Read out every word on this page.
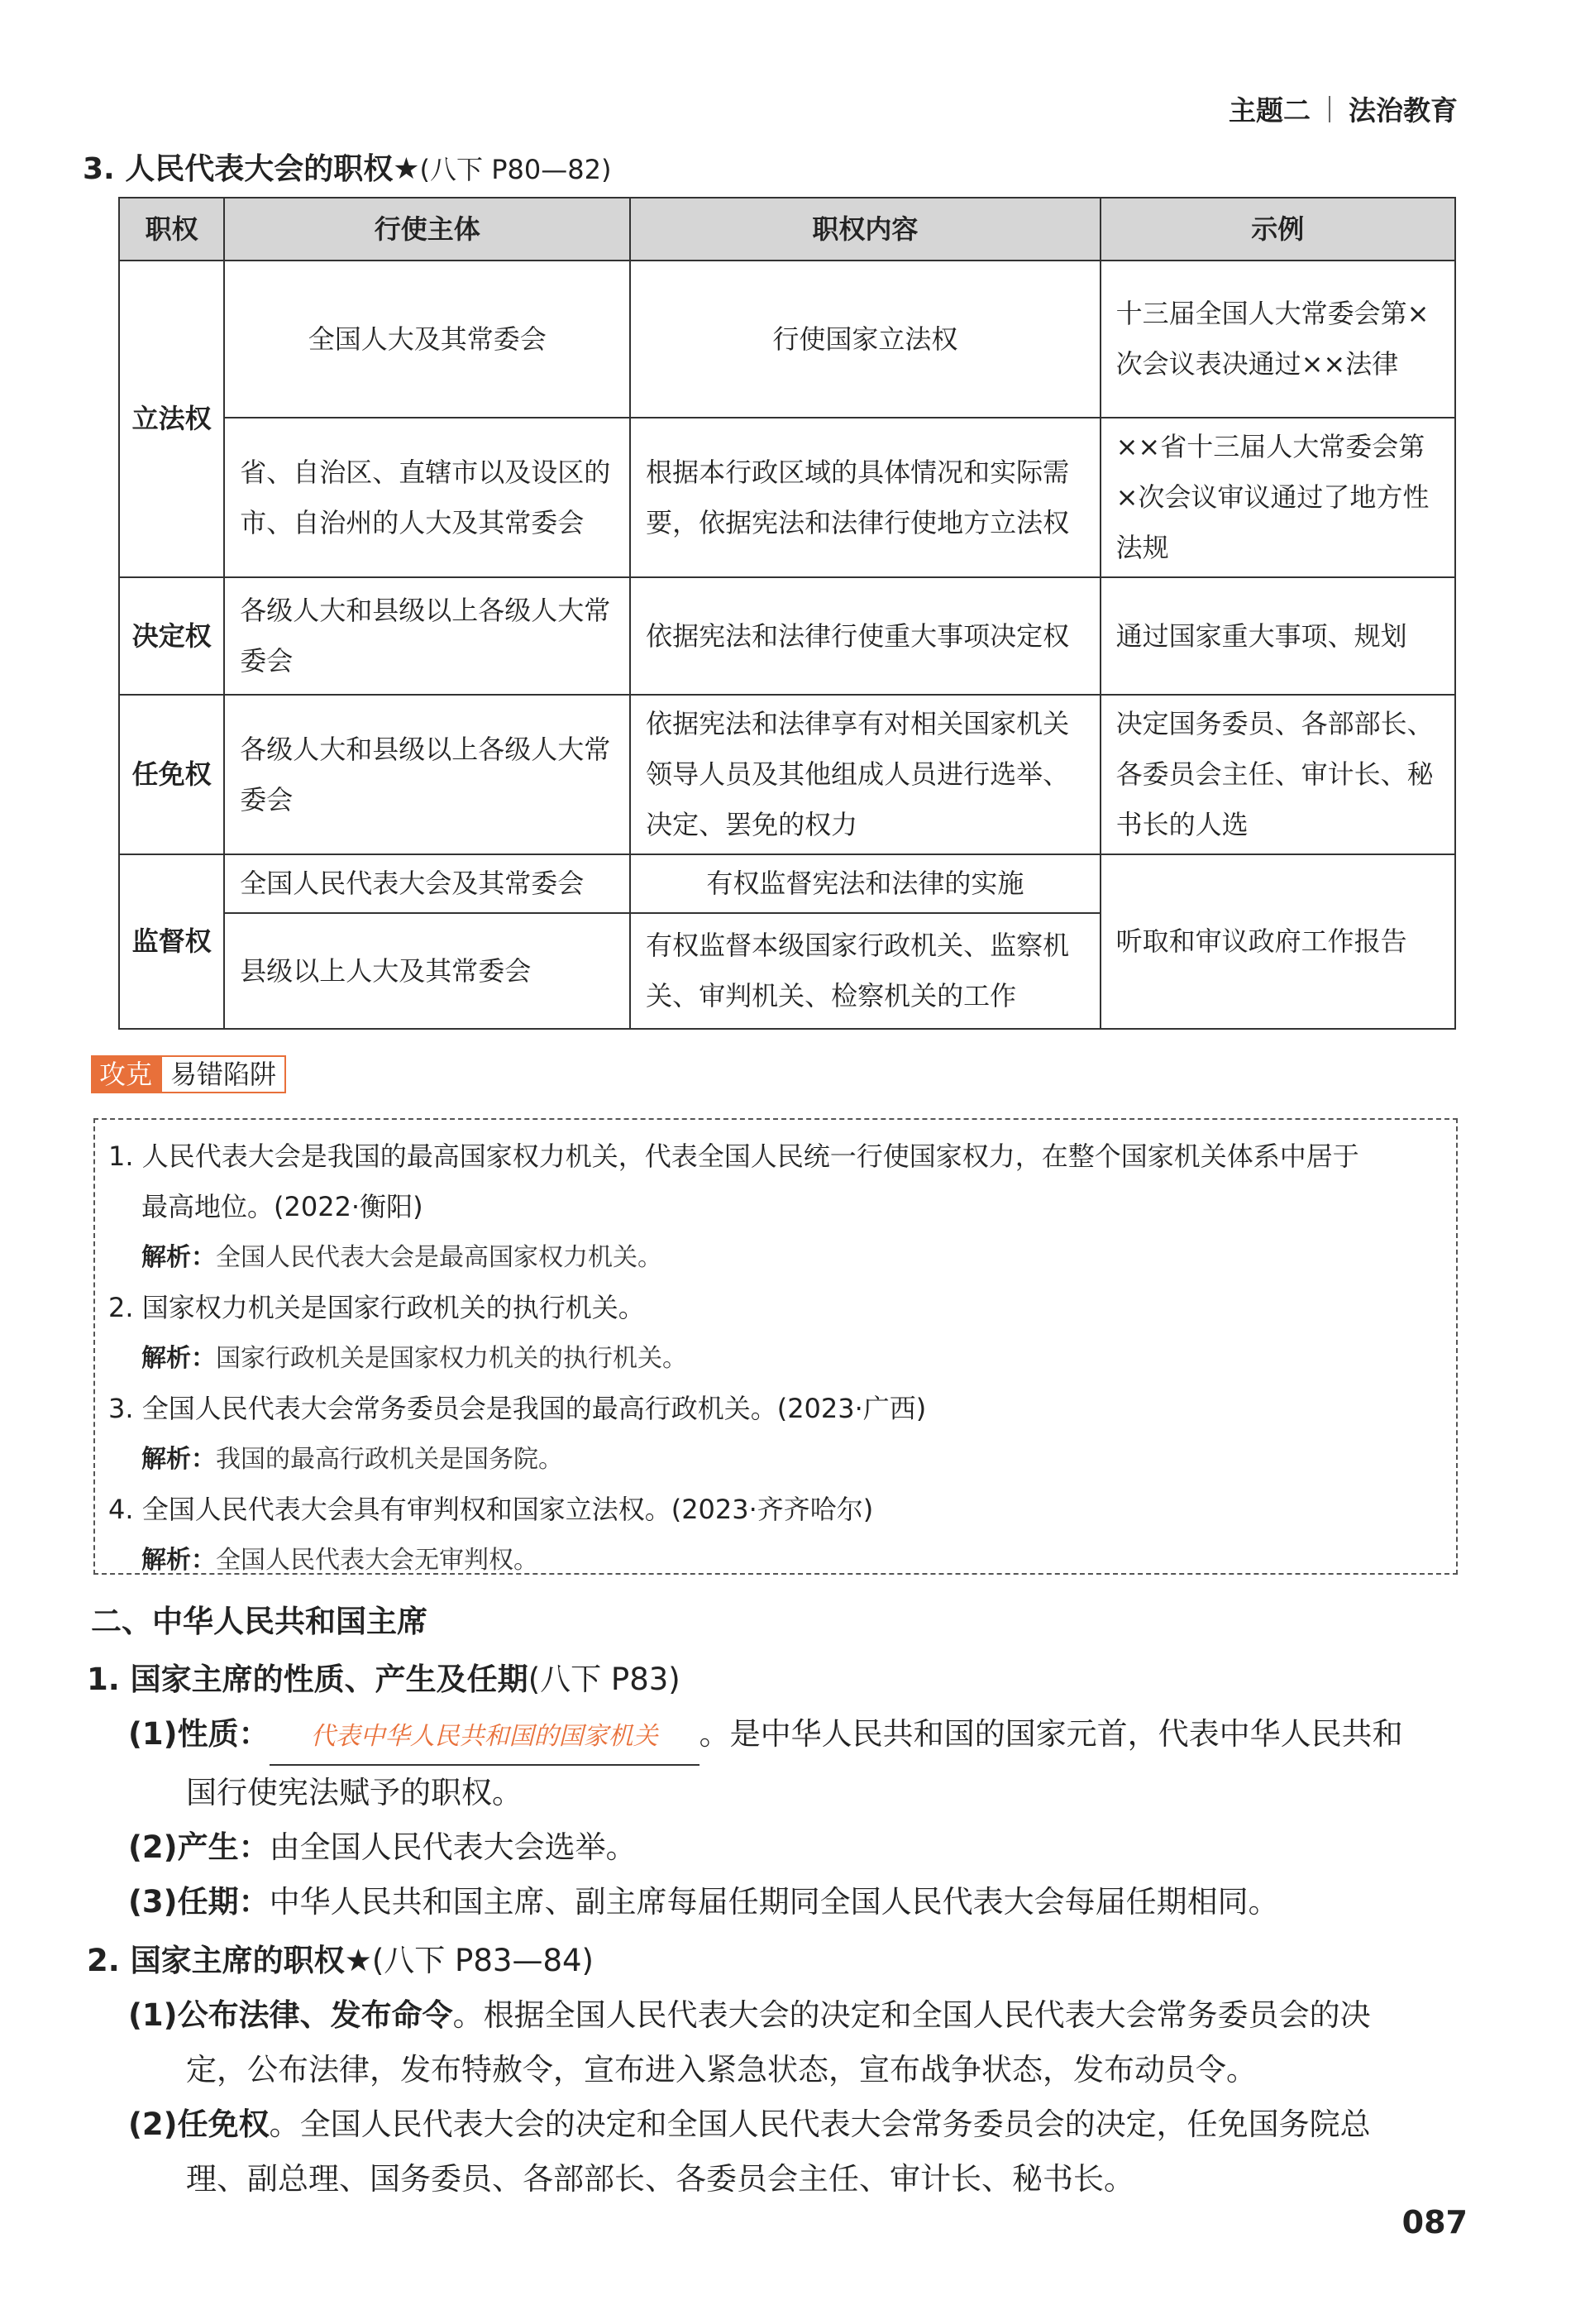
主题二 法治教育
3. 人民代表大会的职权★(八下 P80—82)
职权	行使主体	职权内容	示例
立法权	全国人大及其常委会	行使国家立法权	十三届全国人大常委会第×次会议表决通过××法律
	省、自治区、直辖市以及设区的市、自治州的人大及其常委会	根据本行政区域的具体情况和实际需要，依据宪法和法律行使地方立法权	××省十三届人大常委会第×次会议审议通过了地方性法规
决定权	各级人大和县级以上各级人大常委会	依据宪法和法律行使重大事项决定权	通过国家重大事项、规划
任免权	各级人大和县级以上各级人大常委会	依据宪法和法律享有对相关国家机关领导人员及其他组成人员进行选举、决定、罢免的权力	决定国务委员、各部部长、各委员会主任、审计长、秘书长的人选
监督权	全国人民代表大会及其常委会	有权监督宪法和法律的实施	听取和审议政府工作报告
	县级以上人大及其常委会	有权监督本级国家行政机关、监察机关、审判机关、检察机关的工作	
攻克 易错陷阱

1. 人民代表大会是我国的最高国家权力机关，代表全国人民统一行使国家权力，在整个国家机关体系中居于
最高地位。(2022·衡阳)

解析：全国人民代表大会是最高国家权力机关。

2. 国家权力机关是国家行政机关的执行机关。

解析：国家行政机关是国家权力机关的执行机关。

3. 全国人民代表大会常务委员会是我国的最高行政机关。(2023·广西)

解析：我国的最高行政机关是国务院。

4. 全国人民代表大会具有审判权和国家立法权。(2023·齐齐哈尔)

解析：全国人民代表大会无审判权。

二、中华人民共和国主席
1. 国家主席的性质、产生及任期(八下 P83)
(1)性质： 代表中华人民共和国的国家机关 。是中华人民共和国的国家元首，代表中华人民共和
国行使宪法赋予的职权。
(2)产生：由全国人民代表大会选举。
(3)任期：中华人民共和国主席、副主席每届任期同全国人民代表大会每届任期相同。
2. 国家主席的职权★(八下 P83—84)
(1)公布法律、发布命令。根据全国人民代表大会的决定和全国人民代表大会常务委员会的决
定，公布法律，发布特赦令，宣布进入紧急状态，宣布战争状态，发布动员令。
(2)任免权。全国人民代表大会的决定和全国人民代表大会常务委员会的决定，任免国务院总
理、副总理、国务委员、各部部长、各委员会主任、审计长、秘书长。
087
